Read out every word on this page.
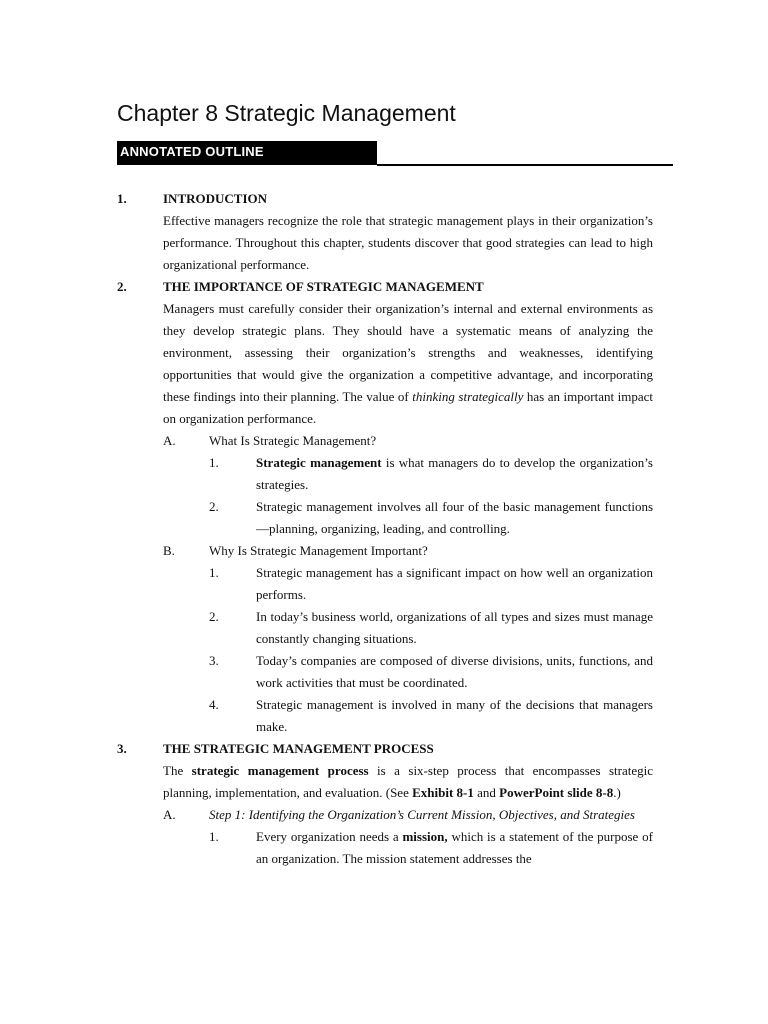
Chapter 8 Strategic Management
ANNOTATED OUTLINE
1.	INTRODUCTION
Effective managers recognize the role that strategic management plays in their organization’s performance. Throughout this chapter, students discover that good strategies can lead to high organizational performance.
2.	THE IMPORTANCE OF STRATEGIC MANAGEMENT
Managers must carefully consider their organization’s internal and external environments as they develop strategic plans. They should have a systematic means of analyzing the environment, assessing their organization’s strengths and weaknesses, identifying opportunities that would give the organization a competitive advantage, and incorporating these findings into their planning. The value of thinking strategically has an important impact on organization performance.
A.	What Is Strategic Management?
1.	Strategic management is what managers do to develop the organization’s strategies.
2.	Strategic management involves all four of the basic management functions—planning, organizing, leading, and controlling.
B.	Why Is Strategic Management Important?
1.	Strategic management has a significant impact on how well an organization performs.
2.	In today’s business world, organizations of all types and sizes must manage constantly changing situations.
3.	Today’s companies are composed of diverse divisions, units, functions, and work activities that must be coordinated.
4.	Strategic management is involved in many of the decisions that managers make.
3.	THE STRATEGIC MANAGEMENT PROCESS
The strategic management process is a six-step process that encompasses strategic planning, implementation, and evaluation. (See Exhibit 8-1 and PowerPoint slide 8-8.)
A.	Step 1: Identifying the Organization’s Current Mission, Objectives, and Strategies
1.	Every organization needs a mission, which is a statement of the purpose of an organization. The mission statement addresses the
